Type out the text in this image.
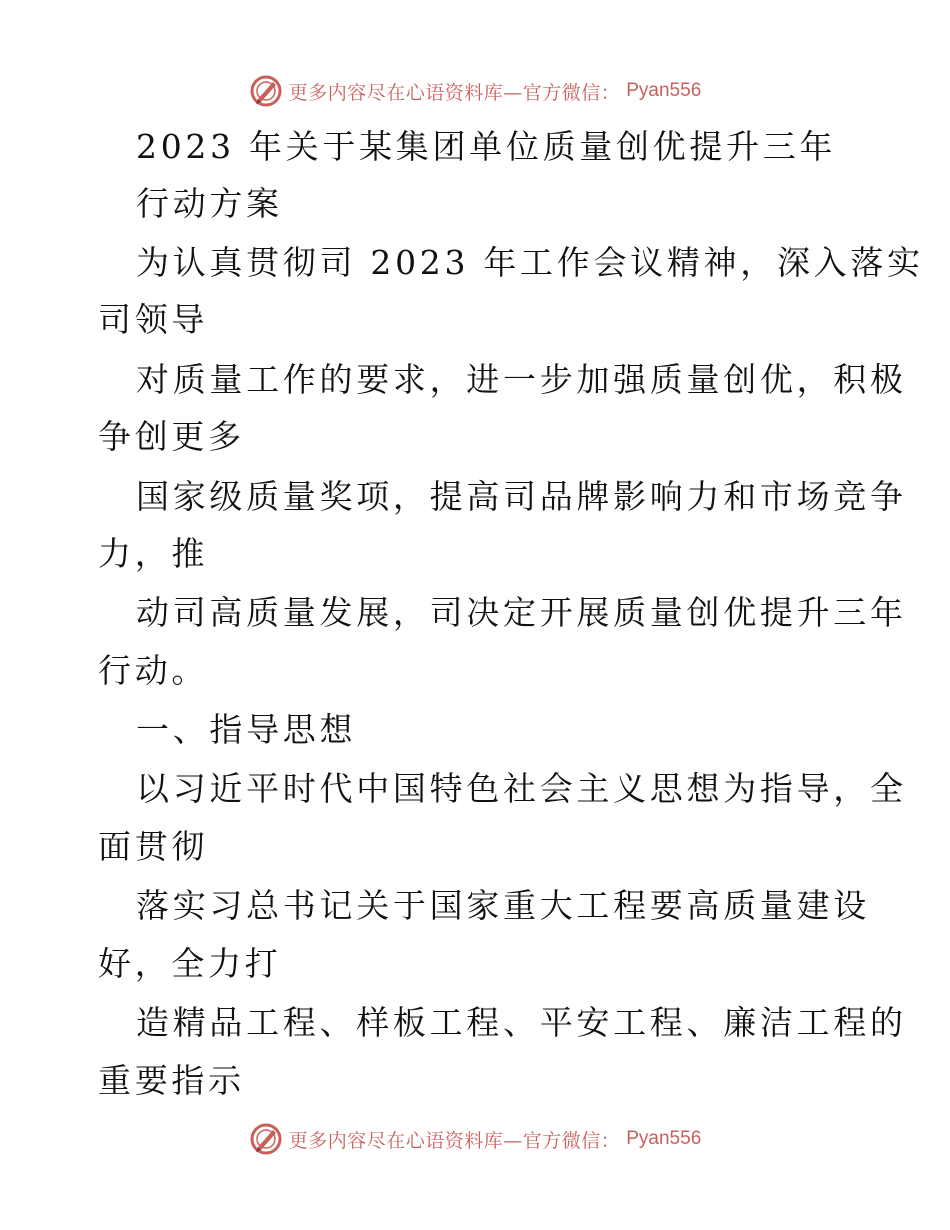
更多内容尽在心语资料库—官方微信： Pyan556
2023 年关于某集团单位质量创优提升三年
行动方案
为认真贯彻司 2023 年工作会议精神，深入落实
司领导
对质量工作的要求，进一步加强质量创优，积极
争创更多
国家级质量奖项，提高司品牌影响力和市场竞争
力，推
动司高质量发展，司决定开展质量创优提升三年
行动。
一、指导思想
以习近平时代中国特色社会主义思想为指导，全
面贯彻
落实习总书记关于国家重大工程要高质量建设
好，全力打
造精品工程、样板工程、平安工程、廉洁工程的
重要指示
更多内容尽在心语资料库—官方微信： Pyan556
